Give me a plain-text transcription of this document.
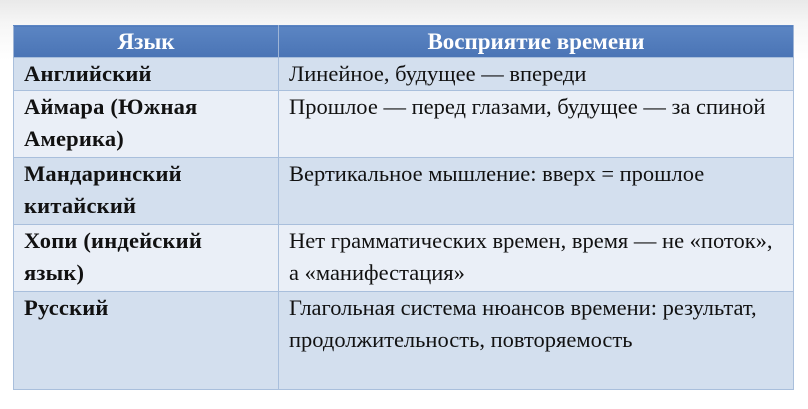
Язык	Восприятие времени
Английский	Линейное, будущее — впереди
Аймара (Южная Америка)	Прошлое — перед глазами, будущее — за спиной
Мандаринский китайский	Вертикальное мышление: вверх = прошлое
Хопи (индейский язык)	Нет грамматических времен, время — не «поток», а «манифестация»
Русский	Глагольная система нюансов времени: результат, продолжительность, повторяемость
